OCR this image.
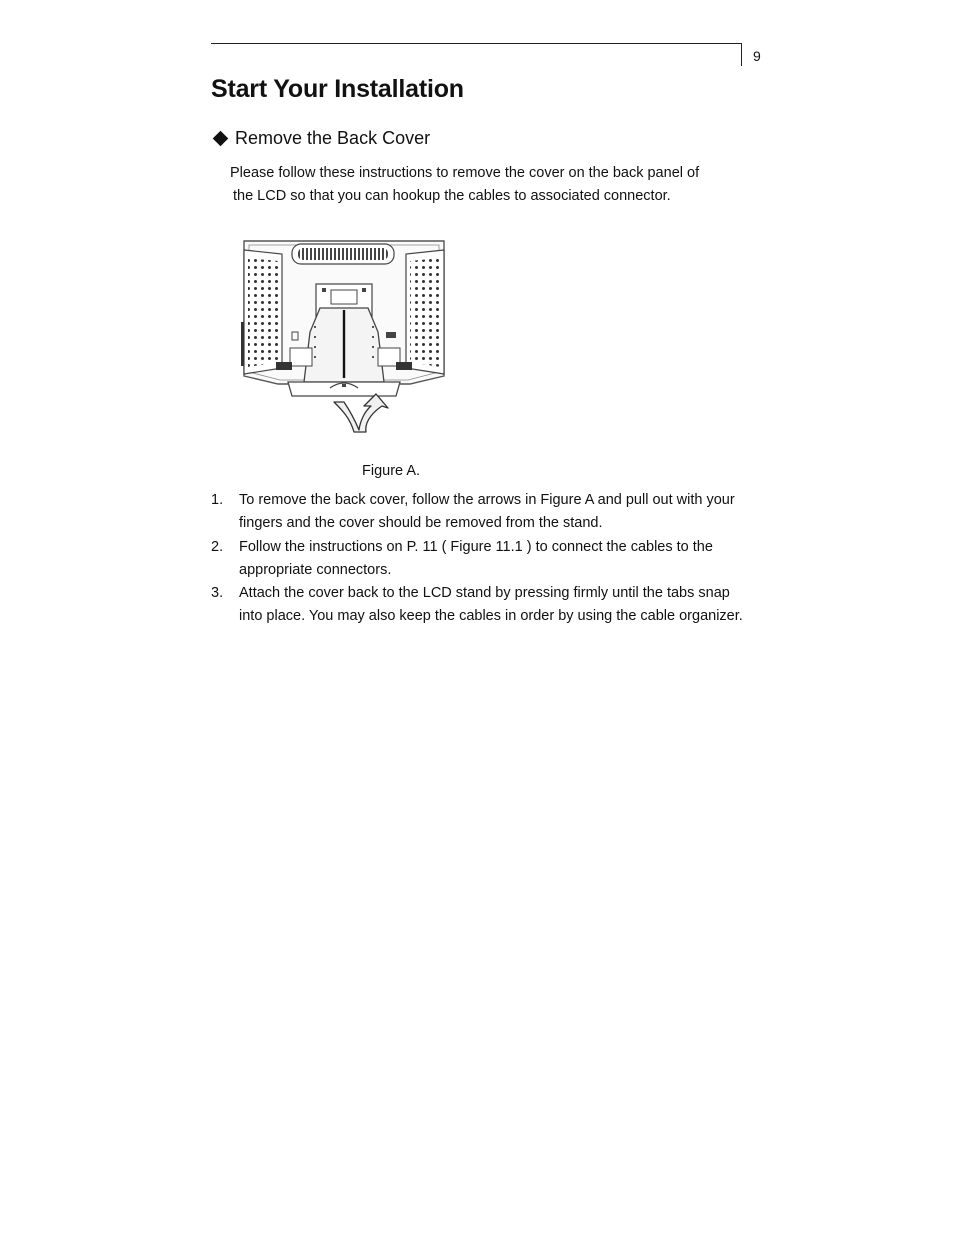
9
Start Your Installation
Remove the Back Cover
Please follow these instructions to remove the cover on the back panel of
the LCD so that you can hookup the cables to associated connector.
Figure A.
1. To remove the back cover, follow the arrows in Figure A and pull out with your fingers and the cover should be removed from the stand.
2. Follow the instructions on P. 11 ( Figure 11.1 ) to connect the cables to the appropriate connectors.
3. Attach the cover back to the LCD stand by pressing firmly until the tabs snap into place. You may also keep the cables in order by using the cable organizer.
